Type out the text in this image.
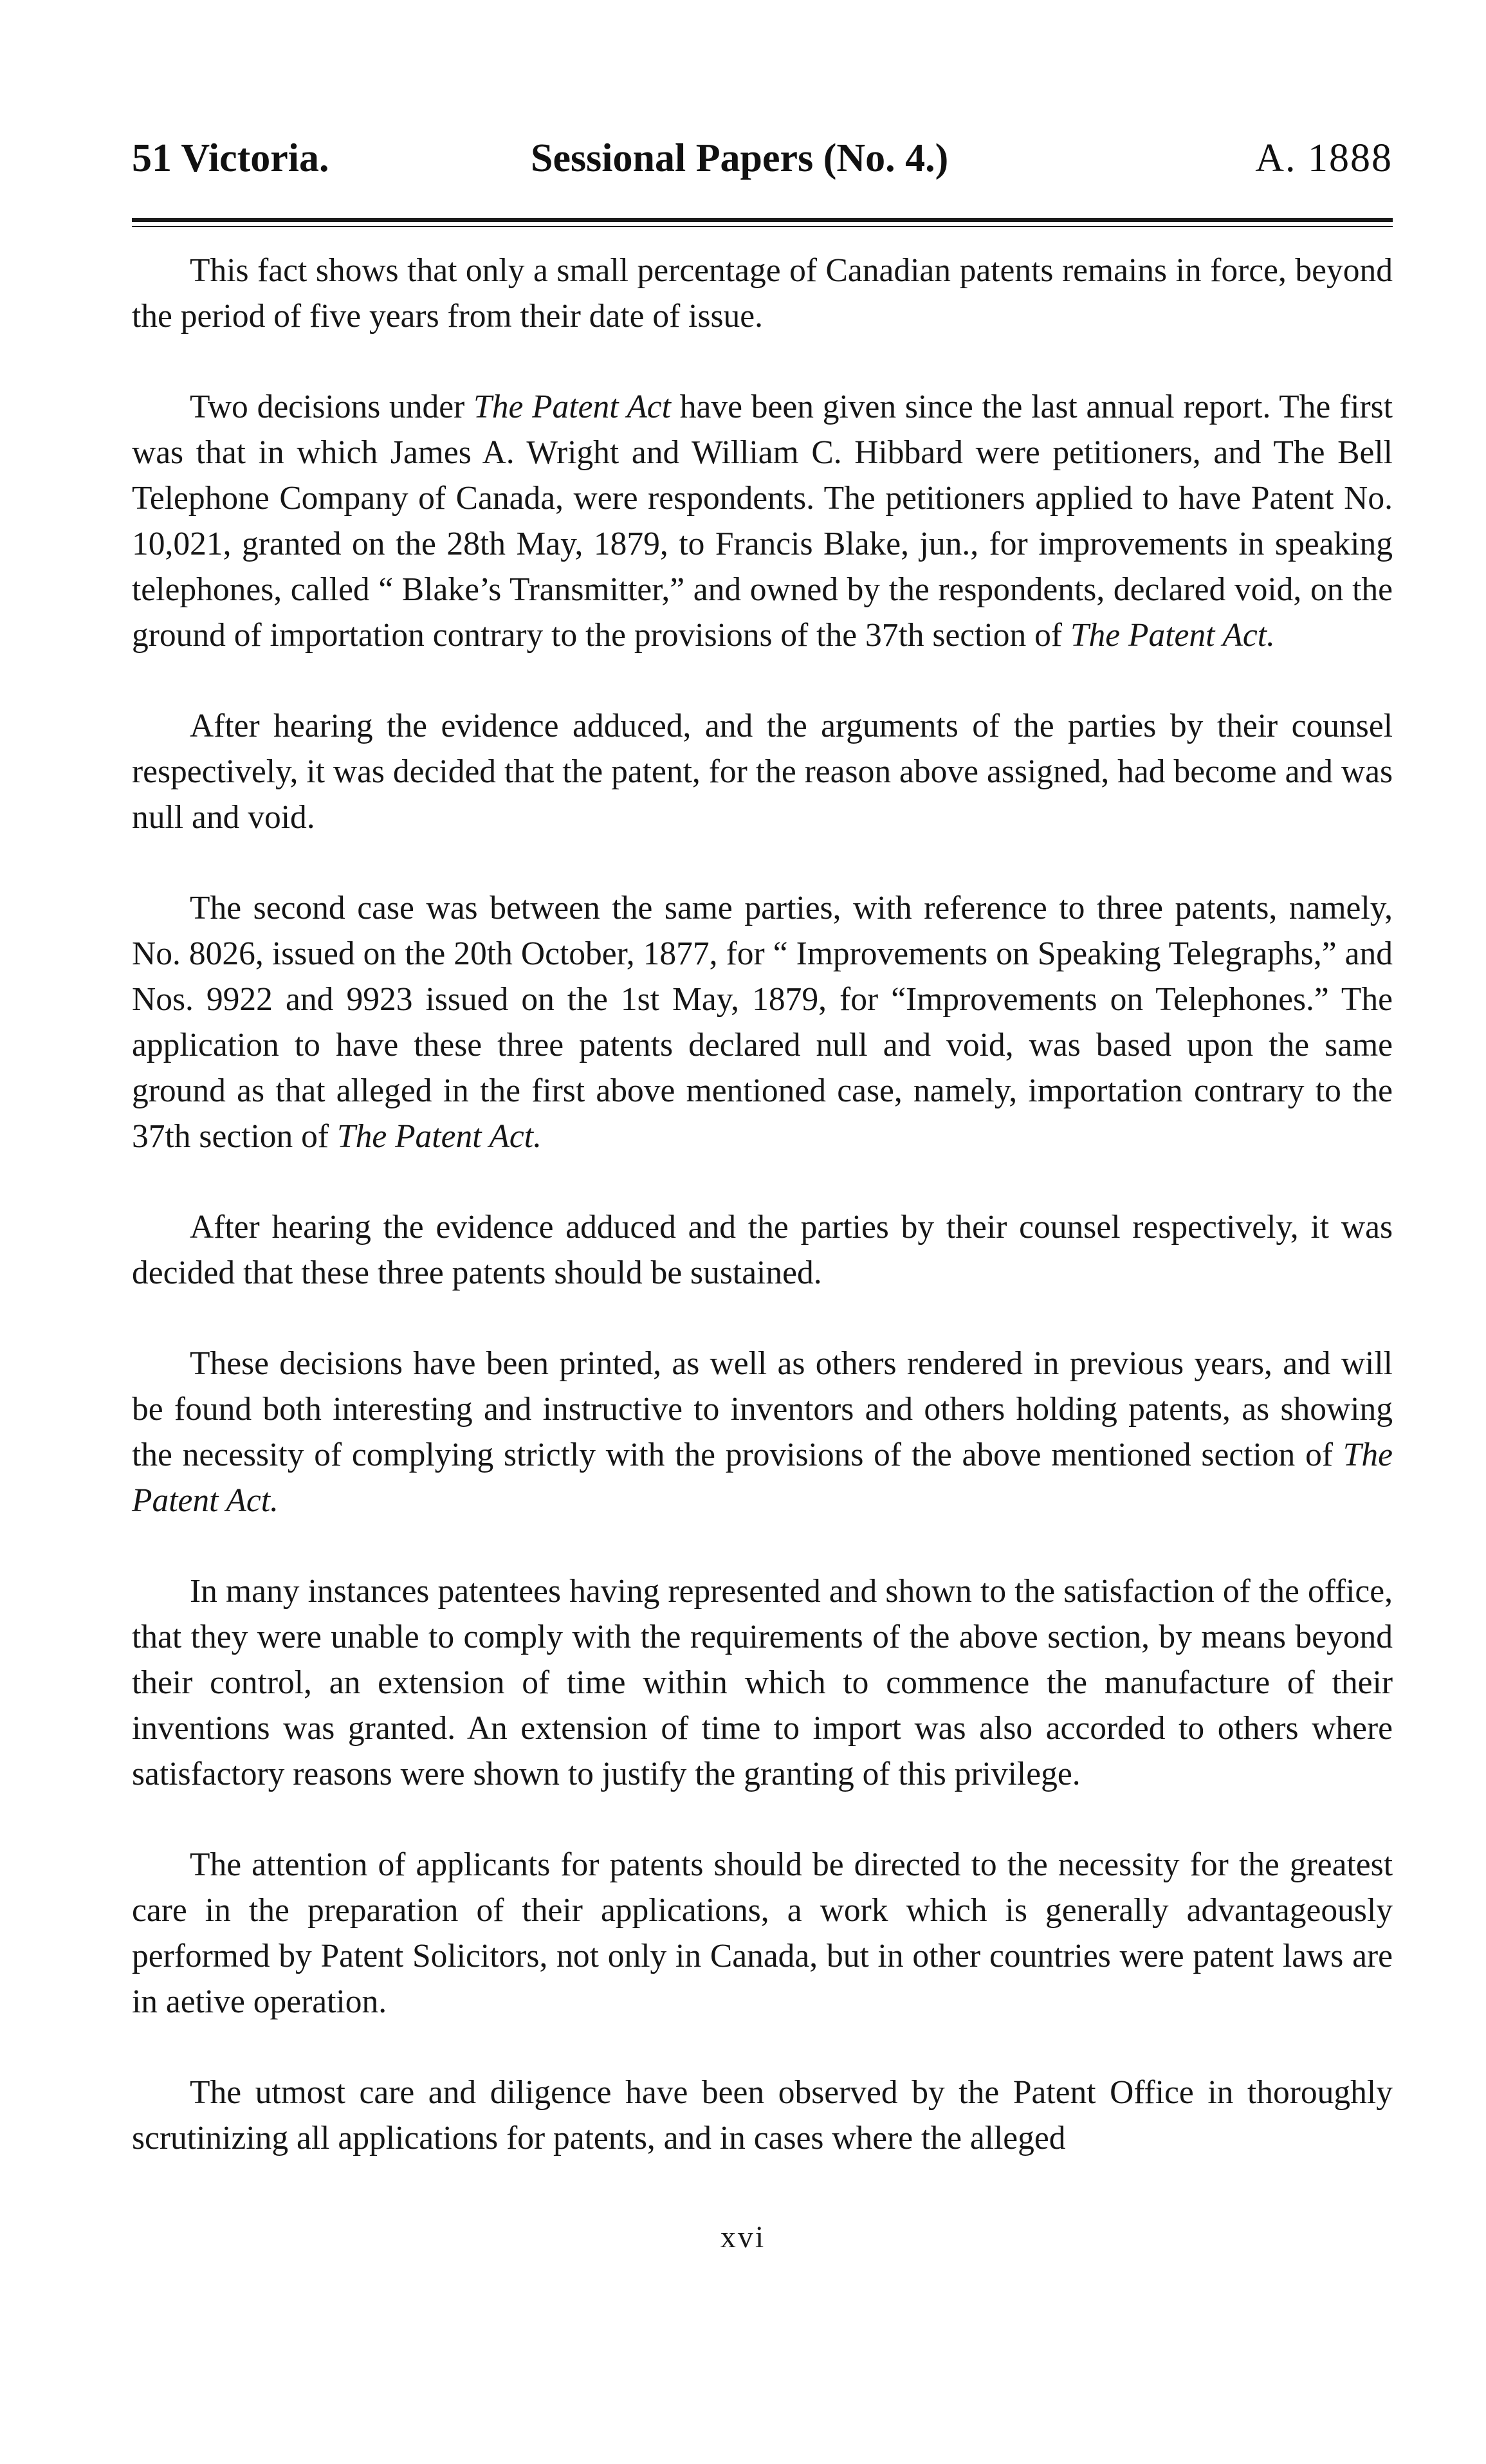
51 Victoria.	Sessional Papers (No. 4.)	A. 1888

This fact shows that only a small percentage of Canadian patents remains in force, beyond the period of five years from their date of issue.

Two decisions under The Patent Act have been given since the last annual report. The first was that in which James A. Wright and William C. Hibbard were petitioners, and The Bell Telephone Company of Canada, were respondents. The petitioners applied to have Patent No. 10,021, granted on the 28th May, 1879, to Francis Blake, jun., for improvements in speaking telephones, called “ Blake’s Transmitter,” and owned by the respondents, declared void, on the ground of importation contrary to the provisions of the 37th section of The Patent Act.

After hearing the evidence adduced, and the arguments of the parties by their counsel respectively, it was decided that the patent, for the reason above assigned, had become and was null and void.

The second case was between the same parties, with reference to three patents, namely, No. 8026, issued on the 20th October, 1877, for “ Improvements on Speaking Telegraphs,” and Nos. 9922 and 9923 issued on the 1st May, 1879, for “Improvements on Telephones.” The application to have these three patents declared null and void, was based upon the same ground as that alleged in the first above mentioned case, namely, importation contrary to the 37th section of The Patent Act.

After hearing the evidence adduced and the parties by their counsel respectively, it was decided that these three patents should be sustained.

These decisions have been printed, as well as others rendered in previous years, and will be found both interesting and instructive to inventors and others holding patents, as showing the necessity of complying strictly with the provisions of the above mentioned section of The Patent Act.

In many instances patentees having represented and shown to the satisfaction of the office, that they were unable to comply with the requirements of the above section, by means beyond their control, an extension of time within which to commence the manufacture of their inventions was granted. An extension of time to import was also accorded to others where satisfactory reasons were shown to justify the granting of this privilege.

The attention of applicants for patents should be directed to the necessity for the greatest care in the preparation of their applications, a work which is generally advantageously performed by Patent Solicitors, not only in Canada, but in other countries were patent laws are in aetive operation.

The utmost care and diligence have been observed by the Patent Office in thoroughly scrutinizing all applications for patents, and in cases where the alleged

xvi
